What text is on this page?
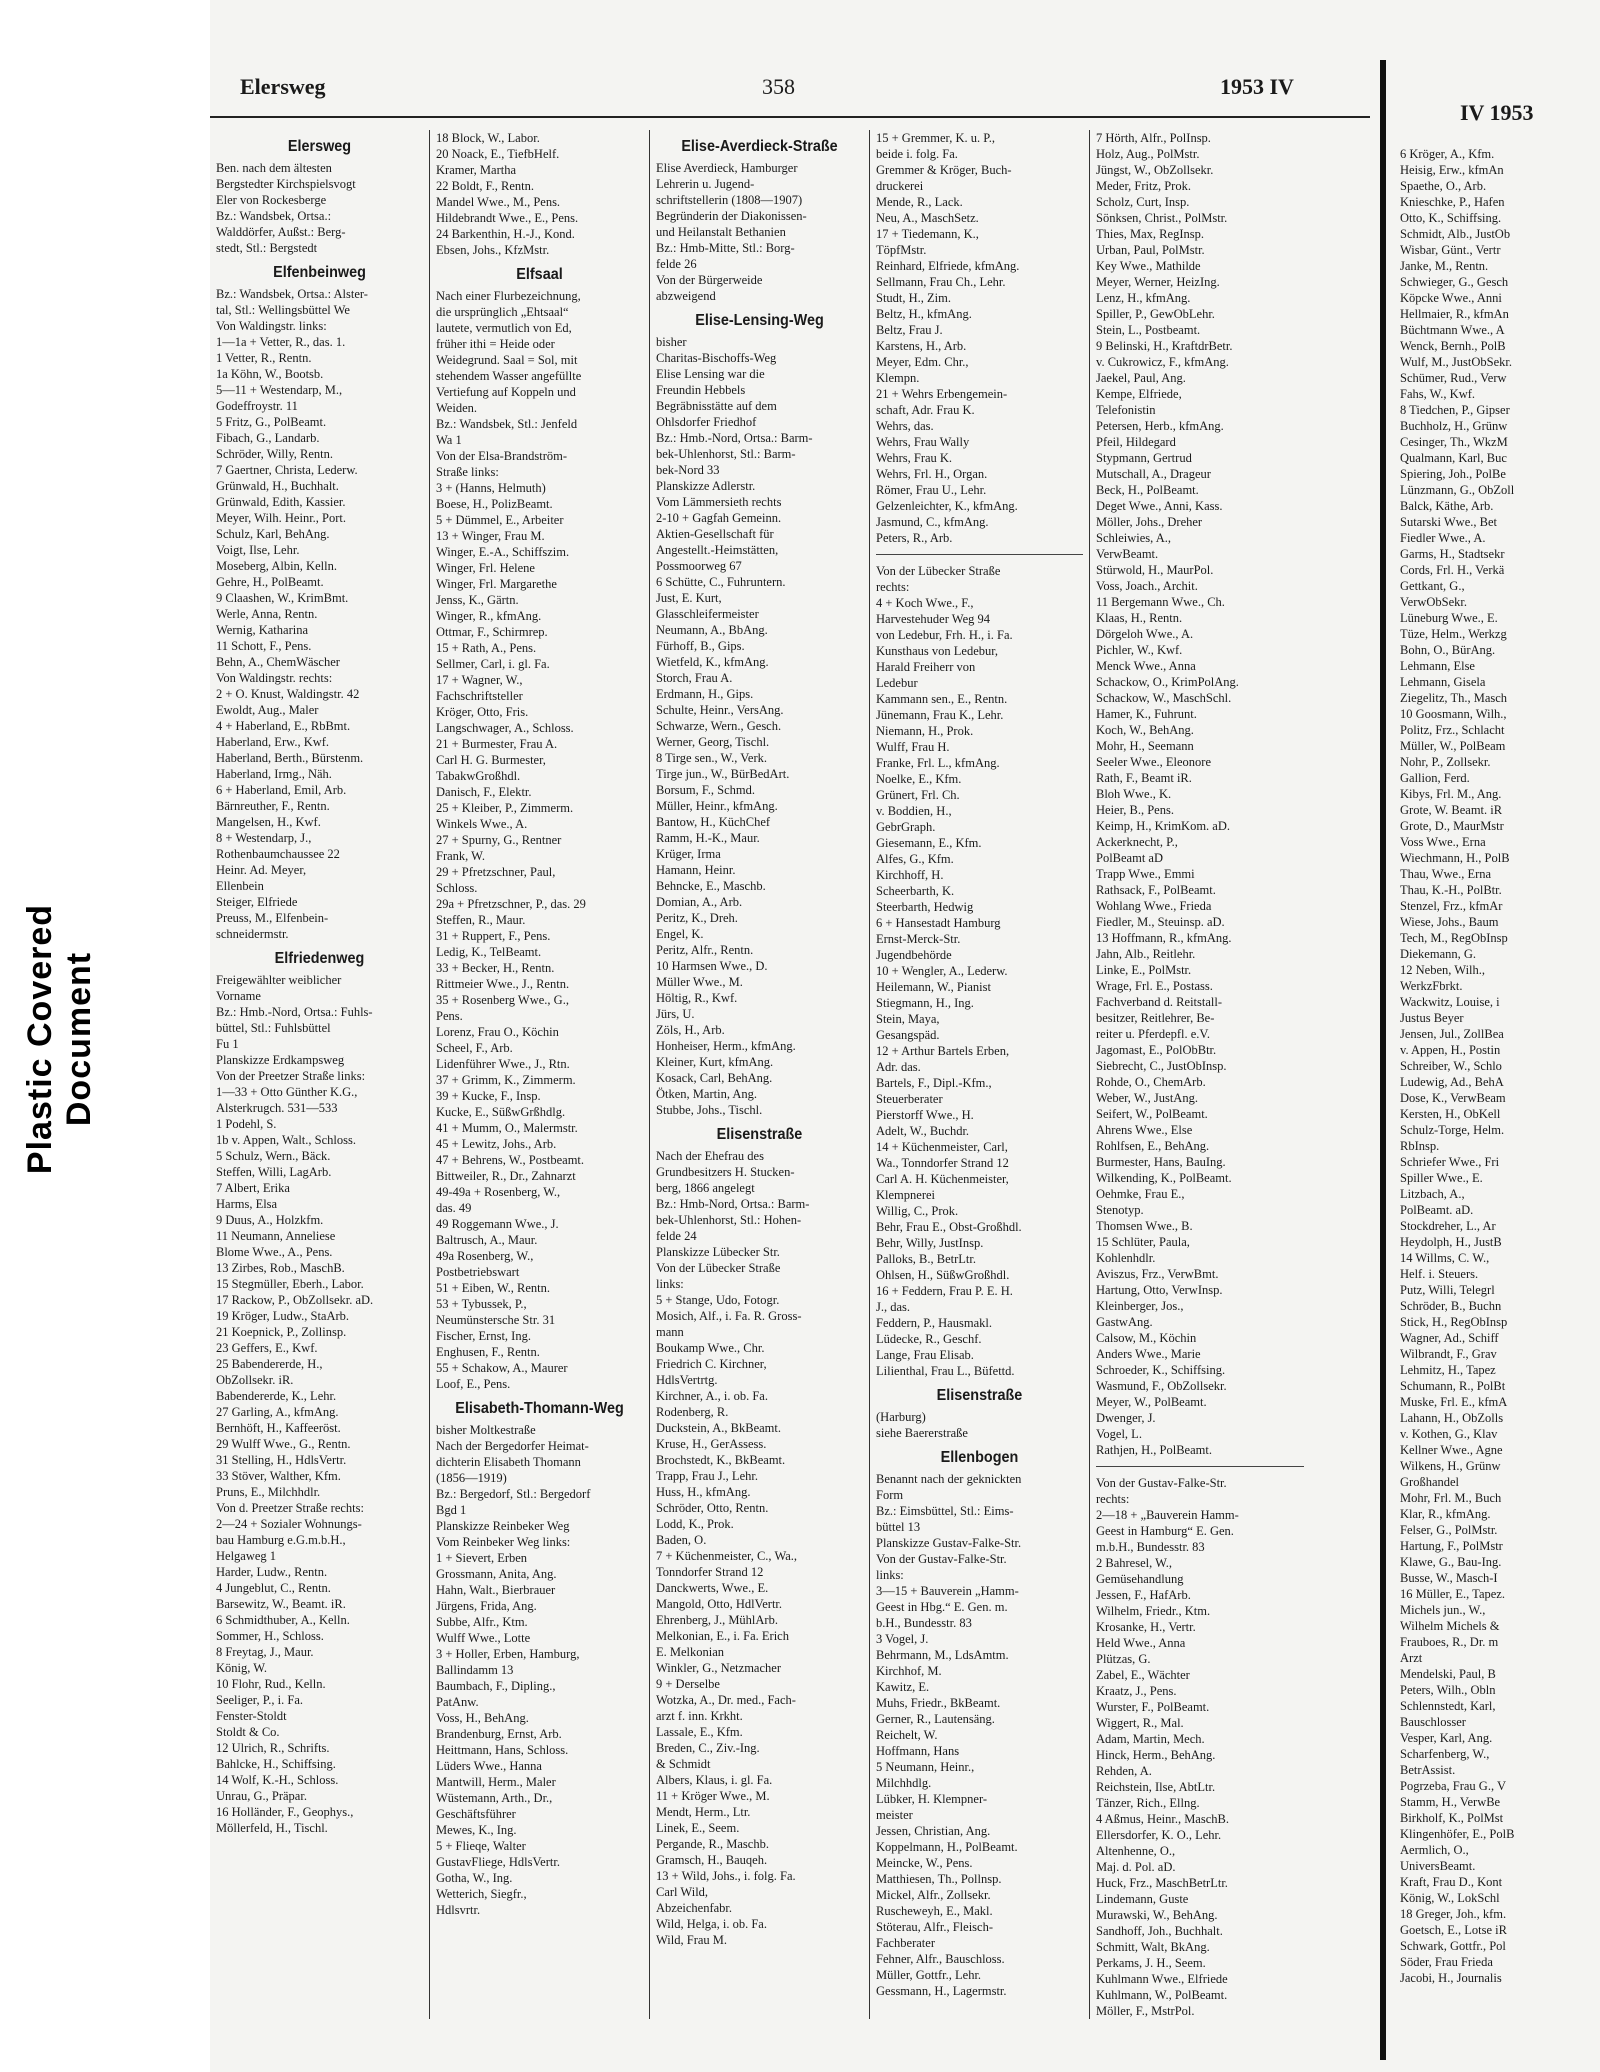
Plastic Covered Document
Elersweg	358	1953 IV
Elersweg
Ben. nach dem ältesten
Bergstedter Kirchspielsvogt
Eler von Rockesberge
Bz.: Wandsbek, Ortsa.:
Walddörfer, Außst.: Berg-
stedt, Stl.: Bergstedt
Elfenbeinweg
Bz.: Wandsbek, Ortsa.: Alster-
tal, Stl.: Wellingsbüttel We
Von Waldingstr. links:
1—1a + Vetter, R., das. 1.
1 Vetter, R., Rentn.
1a Köhn, W., Bootsb.
5—11 + Westendarp, M.,
Godeffroystr. 11
5 Fritz, G., PolBeamt.
Fibach, G., Landarb.
Schröder, Willy, Rentn.
7 Gaertner, Christa, Lederw.
Grünwald, H., Buchhalt.
Grünwald, Edith, Kassier.
Meyer, Wilh. Heinr., Port.
Schulz, Karl, BehAng.
Voigt, Ilse, Lehr.
Moseberg, Albin, Kelln.
Gehre, H., PolBeamt.
9 Claashen, W., KrimBmt.
Werle, Anna, Rentn.
Wernig, Katharina
11 Schott, F., Pens.
Behn, A., ChemWäscher
Von Waldingstr. rechts:
2 + O. Knust, Waldingstr. 42
Ewoldt, Aug., Maler
4 + Haberland, E., RbBmt.
Haberland, Erw., Kwf.
Haberland, Berth., Bürstenm.
Haberland, Irmg., Näh.
6 + Haberland, Emil, Arb.
Bärnreuther, F., Rentn.
Mangelsen, H., Kwf.
8 + Westendarp, J.,
Rothenbaumchaussee 22
Heinr. Ad. Meyer,
Ellenbein
Steiger, Elfriede
Preuss, M., Elfenbein-
schneidermstr.
Elfriedenweg
Freigewählter weiblicher
Vorname
Bz.: Hmb.-Nord, Ortsa.: Fuhls-
büttel, Stl.: Fuhlsbüttel
Fu 1
Planskizze Erdkampsweg
Von der Preetzer Straße links:
1—33 + Otto Günther K.G.,
Alsterkrugch. 531—533
1 Podehl, S.
1b v. Appen, Walt., Schloss.
5 Schulz, Wern., Bäck.
Steffen, Willi, LagArb.
7 Albert, Erika
Harms, Elsa
9 Duus, A., Holzkfm.
11 Neumann, Anneliese
Blome Wwe., A., Pens.
13 Zirbes, Rob., MaschB.
15 Stegmüller, Eberh., Labor.
17 Rackow, P., ObZollsekr. aD.
19 Kröger, Ludw., StaArb.
21 Koepnick, P., Zollinsp.
23 Geffers, E., Kwf.
25 Babendererde, H.,
ObZollsekr. iR.
Babendererde, K., Lehr.
27 Garling, A., kfmAng.
Bernhöft, H., Kaffeeröst.
29 Wulff Wwe., G., Rentn.
31 Stelling, H., HdlsVertr.
33 Stöver, Walther, Kfm.
Pruns, E., Milchhdlr.
Von d. Preetzer Straße rechts:
2—24 + Sozialer Wohnungs-
bau Hamburg e.G.m.b.H.,
Helgaweg 1
Harder, Ludw., Rentn.
4 Jungeblut, C., Rentn.
Barsewitz, W., Beamt. iR.
6 Schmidthuber, A., Kelln.
Sommer, H., Schloss.
8 Freytag, J., Maur.
König, W.
10 Flohr, Rud., Kelln.
Seeliger, P., i. Fa.
Fenster-Stoldt
Stoldt & Co.
12 Ulrich, R., Schrifts.
Bahlcke, H., Schiffsing.
14 Wolf, K.-H., Schloss.
Unrau, G., Präpar.
16 Holländer, F., Geophys.,
Möllerfeld, H., Tischl.
18 Block, W., Labor.
20 Noack, E., TiefbHelf.
Kramer, Martha
22 Boldt, F., Rentn.
Mandel Wwe., M., Pens.
Hildebrandt Wwe., E., Pens.
24 Barkenthin, H.-J., Kond.
Ebsen, Johs., KfzMstr.
Elfsaal
Nach einer Flurbezeichnung,
die ursprünglich „Ehtsaal“
lautete, vermutlich von Ed,
früher ithi = Heide oder
Weidegrund. Saal = Sol, mit
stehendem Wasser angefüllte
Vertiefung auf Koppeln und
Weiden.
Bz.: Wandsbek, Stl.: Jenfeld
Wa 1
Von der Elsa-Brandström-
Straße links:
3 + (Hanns, Helmuth)
Boese, H., PolizBeamt.
5 + Dümmel, E., Arbeiter
13 + Winger, Frau M.
Winger, E.-A., Schiffszim.
Winger, Frl. Helene
Winger, Frl. Margarethe
Jenss, K., Gärtn.
Winger, R., kfmAng.
Ottmar, F., Schirmrep.
15 + Rath, A., Pens.
Sellmer, Carl, i. gl. Fa.
17 + Wagner, W.,
Fachschriftsteller
Kröger, Otto, Fris.
Langschwager, A., Schloss.
21 + Burmester, Frau A.
Carl H. G. Burmester,
TabakwGroßhdl.
Danisch, F., Elektr.
25 + Kleiber, P., Zimmerm.
Winkels Wwe., A.
27 + Spurny, G., Rentner
Frank, W.
29 + Pfretzschner, Paul,
Schloss.
29a + Pfretzschner, P., das. 29
Steffen, R., Maur.
31 + Ruppert, F., Pens.
Ledig, K., TelBeamt.
33 + Becker, H., Rentn.
Rittmeier Wwe., J., Rentn.
35 + Rosenberg Wwe., G.,
Pens.
Lorenz, Frau O., Köchin
Scheel, F., Arb.
Lidenführer Wwe., J., Rtn.
37 + Grimm, K., Zimmerm.
39 + Kucke, F., Insp.
Kucke, E., SüßwGrßhdlg.
41 + Mumm, O., Malermstr.
45 + Lewitz, Johs., Arb.
47 + Behrens, W., Postbeamt.
Bittweiler, R., Dr., Zahnarzt
49-49a + Rosenberg, W.,
das. 49
49 Roggemann Wwe., J.
Baltrusch, A., Maur.
49a Rosenberg, W.,
Postbetriebswart
51 + Eiben, W., Rentn.
53 + Tybussek, P.,
Neumünstersche Str. 31
Fischer, Ernst, Ing.
Enghusen, F., Rentn.
55 + Schakow, A., Maurer
Loof, E., Pens.
Elisabeth-Thomann-Weg
bisher Moltkestraße
Nach der Bergedorfer Heimat-
dichterin Elisabeth Thomann
(1856—1919)
Bz.: Bergedorf, Stl.: Bergedorf
Bgd 1
Planskizze Reinbeker Weg
Vom Reinbeker Weg links:
1 + Sievert, Erben
Grossmann, Anita, Ang.
Hahn, Walt., Bierbrauer
Jürgens, Frida, Ang.
Subbe, Alfr., Ktm.
Wulff Wwe., Lotte
3 + Holler, Erben, Hamburg,
Ballindamm 13
Baumbach, F., Dipling.,
PatAnw.
Voss, H., BehAng.
Brandenburg, Ernst, Arb.
Heittmann, Hans, Schloss.
Lüders Wwe., Hanna
Mantwill, Herm., Maler
Wüstemann, Arth., Dr.,
Geschäftsführer
Mewes, K., Ing.
5 + Flieqe, Walter
GustavFliege, HdlsVertr.
Gotha, W., Ing.
Wetterich, Siegfr.,
Hdlsvrtr.
Elise-Averdieck-Straße
Elise Averdieck, Hamburger
Lehrerin u. Jugend-
schriftstellerin (1808—1907)
Begründerin der Diakonissen-
und Heilanstalt Bethanien
Bz.: Hmb-Mitte, Stl.: Borg-
felde 26
Von der Bürgerweide
abzweigend
Elise-Lensing-Weg
bisher
Charitas-Bischoffs-Weg
Elise Lensing war die
Freundin Hebbels
Begräbnisstätte auf dem
Ohlsdorfer Friedhof
Bz.: Hmb.-Nord, Ortsa.: Barm-
bek-Uhlenhorst, Stl.: Barm-
bek-Nord 33
Planskizze Adlerstr.
Vom Lämmersieth rechts
2-10 + Gagfah Gemeinn.
Aktien-Gesellschaft für
Angestellt.-Heimstätten,
Possmoorweg 67
6 Schütte, C., Fuhruntern.
Just, E. Kurt,
Glasschleifermeister
Neumann, A., BbAng.
Fürhoff, B., Gips.
Wietfeld, K., kfmAng.
Storch, Frau A.
Erdmann, H., Gips.
Schulte, Heinr., VersAng.
Schwarze, Wern., Gesch.
Werner, Georg, Tischl.
8 Tirge sen., W., Verk.
Tirge jun., W., BürBedArt.
Borsum, F., Schmd.
Müller, Heinr., kfmAng.
Bantow, H., KüchChef
Ramm, H.-K., Maur.
Krüger, Irma
Hamann, Heinr.
Behncke, E., Maschb.
Domian, A., Arb.
Peritz, K., Dreh.
Engel, K.
Peritz, Alfr., Rentn.
10 Harmsen Wwe., D.
Müller Wwe., M.
Höltig, R., Kwf.
Jürs, U.
Zöls, H., Arb.
Honheiser, Herm., kfmAng.
Kleiner, Kurt, kfmAng.
Kosack, Carl, BehAng.
Ötken, Martin, Ang.
Stubbe, Johs., Tischl.
Elisenstraße
Nach der Ehefrau des
Grundbesitzers H. Stucken-
berg, 1866 angelegt
Bz.: Hmb-Nord, Ortsa.: Barm-
bek-Uhlenhorst, Stl.: Hohen-
felde 24
Planskizze Lübecker Str.
Von der Lübecker Straße
links:
5 + Stange, Udo, Fotogr.
Mosich, Alf., i. Fa. R. Gross-
mann
Boukamp Wwe., Chr.
Friedrich C. Kirchner,
HdlsVertrtg.
Kirchner, A., i. ob. Fa.
Rodenberg, R.
Duckstein, A., BkBeamt.
Kruse, H., GerAssess.
Brochstedt, K., BkBeamt.
Trapp, Frau J., Lehr.
Huss, H., kfmAng.
Schröder, Otto, Rentn.
Lodd, K., Prok.
Baden, O.
7 + Küchenmeister, C., Wa.,
Tonndorfer Strand 12
Danckwerts, Wwe., E.
Mangold, Otto, HdlVertr.
Ehrenberg, J., MühlArb.
Melkonian, E., i. Fa. Erich
E. Melkonian
Winkler, G., Netzmacher
9 + Derselbe
Wotzka, A., Dr. med., Fach-
arzt f. inn. Krkht.
Lassale, E., Kfm.
Breden, C., Ziv.-Ing.
& Schmidt
Albers, Klaus, i. gl. Fa.
11 + Kröger Wwe., M.
Mendt, Herm., Ltr.
Linek, E., Seem.
Pergande, R., Maschb.
Gramsch, H., Bauqeh.
13 + Wild, Johs., i. folg. Fa.
Carl Wild,
Abzeichenfabr.
Wild, Helga, i. ob. Fa.
Wild, Frau M.
15 + Gremmer, K. u. P.,
beide i. folg. Fa.
Gremmer & Kröger, Buch-
druckerei
Mende, R., Lack.
Neu, A., MaschSetz.
17 + Tiedemann, K.,
TöpfMstr.
Reinhard, Elfriede, kfmAng.
Sellmann, Frau Ch., Lehr.
Studt, H., Zim.
Beltz, H., kfmAng.
Beltz, Frau J.
Karstens, H., Arb.
Meyer, Edm. Chr.,
Klempn.
21 + Wehrs Erbengemein-
schaft, Adr. Frau K.
Wehrs, das.
Wehrs, Frau Wally
Wehrs, Frau K.
Wehrs, Frl. H., Organ.
Römer, Frau U., Lehr.
Gelzenleichter, K., kfmAng.
Jasmund, C., kfmAng.
Peters, R., Arb.
Von der Lübecker Straße
rechts:
4 + Koch Wwe., F.,
Harvestehuder Weg 94
von Ledebur, Frh. H., i. Fa.
Kunsthaus von Ledebur,
Harald Freiherr von
Ledebur
Kammann sen., E., Rentn.
Jünemann, Frau K., Lehr.
Niemann, H., Prok.
Wulff, Frau H.
Franke, Frl. L., kfmAng.
Noelke, E., Kfm.
Grünert, Frl. Ch.
v. Boddien, H.,
GebrGraph.
Giesemann, E., Kfm.
Alfes, G., Kfm.
Kirchhoff, H.
Scheerbarth, K.
Steerbarth, Hedwig
6 + Hansestadt Hamburg
Ernst-Merck-Str.
Jugendbehörde
10 + Wengler, A., Lederw.
Heilemann, W., Pianist
Stiegmann, H., Ing.
Stein, Maya,
Gesangspäd.
12 + Arthur Bartels Erben,
Adr. das.
Bartels, F., Dipl.-Kfm.,
Steuerberater
Pierstorff Wwe., H.
Adelt, W., Buchdr.
14 + Küchenmeister, Carl,
Wa., Tonndorfer Strand 12
Carl A. H. Küchenmeister,
Klempnerei
Willig, C., Prok.
Behr, Frau E., Obst-Großhdl.
Behr, Willy, JustInsp.
Palloks, B., BetrLtr.
Ohlsen, H., SüßwGroßhdl.
16 + Feddern, Frau P. E. H.
J., das.
Feddern, P., Hausmakl.
Lüdecke, R., Geschf.
Lange, Frau Elisab.
Lilienthal, Frau L., Büfettd.
Elisenstraße
(Harburg)
siehe Baererstraße
Ellenbogen
Benannt nach der geknickten
Form
Bz.: Eimsbüttel, Stl.: Eims-
büttel 13
Planskizze Gustav-Falke-Str.
Von der Gustav-Falke-Str.
links:
3—15 + Bauverein „Hamm-
Geest in Hbg.“ E. Gen. m.
b.H., Bundesstr. 83
3 Vogel, J.
Behrmann, M., LdsAmtm.
Kirchhof, M.
Kawitz, E.
Muhs, Friedr., BkBeamt.
Gerner, R., Lautensäng.
Reichelt, W.
Hoffmann, Hans
5 Neumann, Heinr.,
Milchhdlg.
Lübker, H. Klempner-
meister
Jessen, Christian, Ang.
Koppelmann, H., PolBeamt.
Meincke, W., Pens.
Matthiesen, Th., Pollnsp.
Mickel, Alfr., Zollsekr.
Ruscheweyh, E., Makl.
Stöterau, Alfr., Fleisch-
Fachberater
Fehner, Alfr., Bauschloss.
Müller, Gottfr., Lehr.
Gessmann, H., Lagermstr.
7 Hörth, Alfr., PolInsp.
Holz, Aug., PolMstr.
Jüngst, W., ObZollsekr.
Meder, Fritz, Prok.
Scholz, Curt, Insp.
Sönksen, Christ., PolMstr.
Thies, Max, RegInsp.
Urban, Paul, PolMstr.
Key Wwe., Mathilde
Meyer, Werner, HeizIng.
Lenz, H., kfmAng.
Spiller, P., GewObLehr.
Stein, L., Postbeamt.
9 Belinski, H., KraftdrBetr.
v. Cukrowicz, F., kfmAng.
Jaekel, Paul, Ang.
Kempe, Elfriede,
Telefonistin
Petersen, Herb., kfmAng.
Pfeil, Hildegard
Stypmann, Gertrud
Mutschall, A., Drageur
Beck, H., PolBeamt.
Deget Wwe., Anni, Kass.
Möller, Johs., Dreher
Schleiwies, A.,
VerwBeamt.
Stürwold, H., MaurPol.
Voss, Joach., Archit.
11 Bergemann Wwe., Ch.
Klaas, H., Rentn.
Dörgeloh Wwe., A.
Pichler, W., Kwf.
Menck Wwe., Anna
Schackow, O., KrimPolAng.
Schackow, W., MaschSchl.
Hamer, K., Fuhrunt.
Koch, W., BehAng.
Mohr, H., Seemann
Seeler Wwe., Eleonore
Rath, F., Beamt iR.
Bloh Wwe., K.
Heier, B., Pens.
Keimp, H., KrimKom. aD.
Ackerknecht, P.,
PolBeamt aD
Trapp Wwe., Emmi
Rathsack, F., PolBeamt.
Wohlang Wwe., Frieda
Fiedler, M., Steuinsp. aD.
13 Hoffmann, R., kfmAng.
Jahn, Alb., Reitlehr.
Linke, E., PolMstr.
Wrage, Frl. E., Postass.
Fachverband d. Reitstall-
besitzer, Reitlehrer, Be-
reiter u. Pferdepfl. e.V.
Jagomast, E., PolObBtr.
Siebrecht, C., JustObInsp.
Rohde, O., ChemArb.
Weber, W., JustAng.
Seifert, W., PolBeamt.
Ahrens Wwe., Else
Rohlfsen, E., BehAng.
Burmester, Hans, BauIng.
Wilkending, K., PolBeamt.
Oehmke, Frau E.,
Stenotyp.
Thomsen Wwe., B.
15 Schlüter, Paula,
Kohlenhdlr.
Aviszus, Frz., VerwBmt.
Hartung, Otto, VerwInsp.
Kleinberger, Jos.,
GastwAng.
Calsow, M., Köchin
Anders Wwe., Marie
Schroeder, K., Schiffsing.
Wasmund, F., ObZollsekr.
Meyer, W., PolBeamt.
Dwenger, J.
Vogel, L.
Rathjen, H., PolBeamt.
Von der Gustav-Falke-Str.
rechts:
2—18 + „Bauverein Hamm-
Geest in Hamburg“ E. Gen.
m.b.H., Bundesstr. 83
2 Bahresel, W.,
Gemüsehandlung
Jessen, F., HafArb.
Wilhelm, Friedr., Ktm.
Krosanke, H., Vertr.
Held Wwe., Anna
Plützas, G.
Zabel, E., Wächter
Kraatz, J., Pens.
Wurster, F., PolBeamt.
Wiggert, R., Mal.
Adam, Martin, Mech.
Hinck, Herm., BehAng.
Rehden, A.
Reichstein, Ilse, AbtLtr.
Tänzer, Rich., Ellng.
4 Aßmus, Heinr., MaschB.
Ellersdorfer, K. O., Lehr.
Altenhenne, O.,
Maj. d. Pol. aD.
Huck, Frz., MaschBetrLtr.
Lindemann, Guste
Murawski, W., BehAng.
Sandhoff, Joh., Buchhalt.
Schmitt, Walt, BkAng.
Perkams, J. H., Seem.
Kuhlmann Wwe., Elfriede
Kuhlmann, W., PolBeamt.
Möller, F., MstrPol.
IV 1953
6 Kröger, A., Kfm.
Heisig, Erw., kfmAn
Spaethe, O., Arb.
Knieschke, P., Hafen
Otto, K., Schiffsing.
Schmidt, Alb., JustOb
Wisbar, Günt., Vertr
Janke, M., Rentn.
Schwieger, G., Gesch
Köpcke Wwe., Anni
Hellmaier, R., kfmAn
Büchtmann Wwe., A
Wenck, Bernh., PolB
Wulf, M., JustObSekr.
Schümer, Rud., Verw
Fahs, W., Kwf.
8 Tiedchen, P., Gipser
Buchholz, H., Grünw
Cesinger, Th., WkzM
Qualmann, Karl, Buc
Spiering, Joh., PolBe
Lünzmann, G., ObZoll
Balck, Käthe, Arb.
Sutarski Wwe., Bet
Fiedler Wwe., A.
Garms, H., Stadtsekr
Cords, Frl. H., Verkä
Gettkant, G.,
VerwObSekr.
Lüneburg Wwe., E.
Tüze, Helm., Werkzg
Bohn, O., BürAng.
Lehmann, Else
Lehmann, Gisela
Ziegelitz, Th., Masch
10 Goosmann, Wilh.,
Politz, Frz., Schlacht
Müller, W., PolBeam
Nohr, P., Zollsekr.
Gallion, Ferd.
Kibys, Frl. M., Ang.
Grote, W. Beamt. iR
Grote, D., MaurMstr
Voss Wwe., Erna
Wiechmann, H., PolB
Thau, Wwe., Erna
Thau, K.-H., PolBtr.
Stenzel, Frz., kfmAr
Wiese, Johs., Baum
Tech, M., RegObInsp
Diekemann, G.
12 Neben, Wilh.,
WerkzFbrkt.
Wackwitz, Louise, i
Justus Beyer
Jensen, Jul., ZollBea
v. Appen, H., Postin
Schreiber, W., Schlo
Ludewig, Ad., BehA
Dose, K., VerwBeam
Kersten, H., ObKell
Schulz-Torge, Helm.
RbInsp.
Schriefer Wwe., Fri
Spiller Wwe., E.
Litzbach, A.,
PolBeamt. aD.
Stockdreher, L., Ar
Heydolph, H., JustB
14 Willms, C. W.,
Helf. i. Steuers.
Putz, Willi, Telegrl
Schröder, B., Buchn
Stick, H., RegObInsp
Wagner, Ad., Schiff
Wilbrandt, F., Grav
Lehmitz, H., Tapez
Schumann, R., PolBt
Muske, Frl. E., kfmA
Lahann, H., ObZolls
v. Kothen, G., Klav
Kellner Wwe., Agne
Wilkens, H., Grünw
Großhandel
Mohr, Frl. M., Buch
Klar, R., kfmAng.
Felser, G., PolMstr.
Hartung, F., PolMstr
Klawe, G., Bau-Ing.
Busse, W., Masch-I
16 Müller, E., Tapez.
Michels jun., W.,
Wilhelm Michels &
Frauboes, R., Dr. m
Arzt
Mendelski, Paul, B
Peters, Wilh., Obln
Schlennstedt, Karl,
Bauschlosser
Vesper, Karl, Ang.
Scharfenberg, W.,
BetrAssist.
Pogrzeba, Frau G., V
Stamm, H., VerwBe
Birkholf, K., PolMst
Klingenhöfer, E., PolB
Aermlich, O.,
UniversBeamt.
Kraft, Frau D., Kont
König, W., LokSchl
18 Greger, Joh., kfm.
Goetsch, E., Lotse iR
Schwark, Gottfr., Pol
Söder, Frau Frieda
Jacobi, H., Journalis
